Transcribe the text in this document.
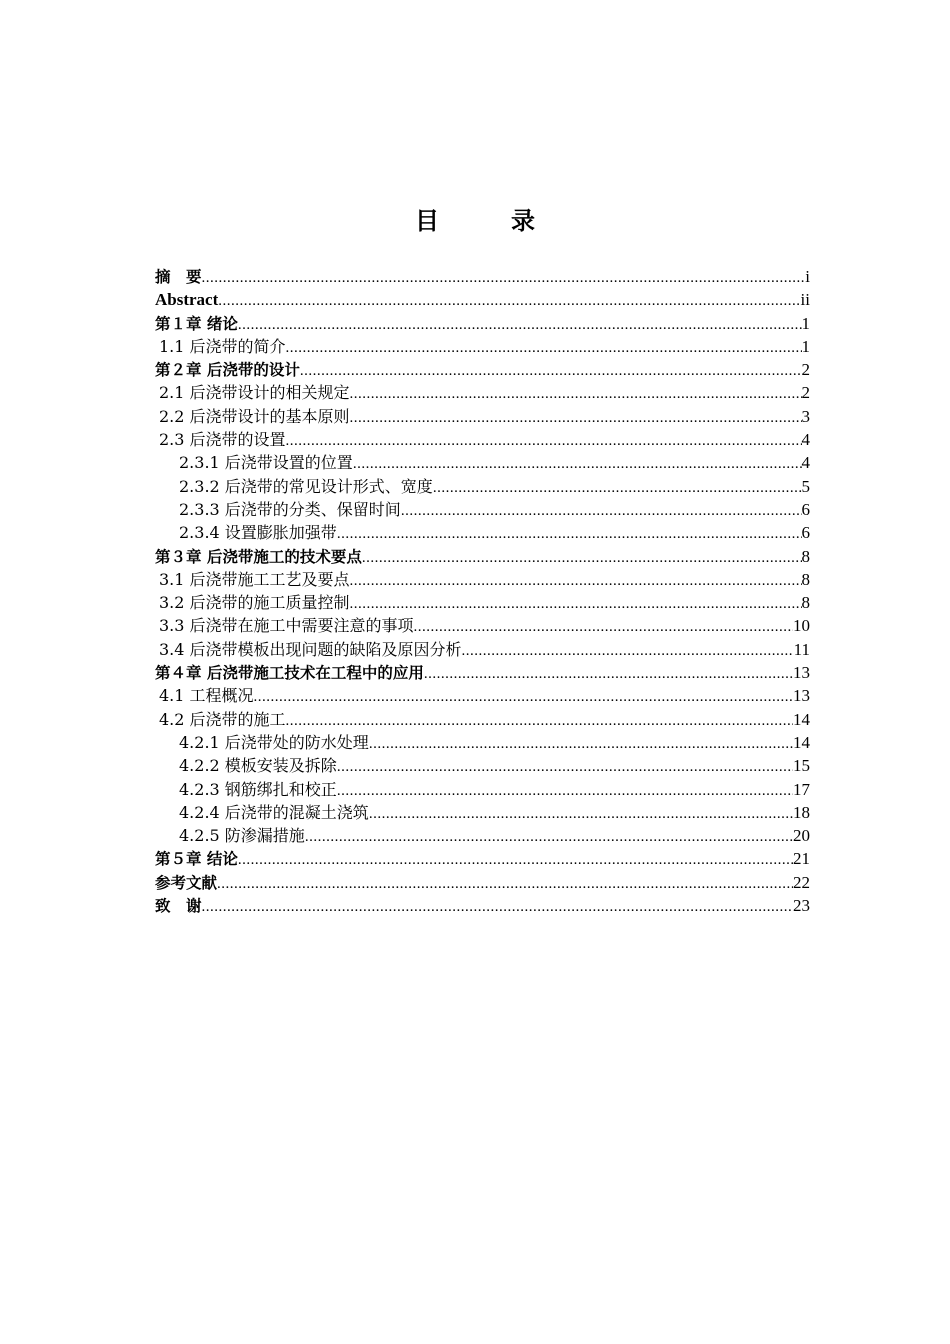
目　录
摘　要 .....	i
Abstract .....	ii
第１章 绪论 .....	1
1.1 后浇带的简介 .....	1
第２章 后浇带的设计 .....	2
2.1 后浇带设计的相关规定 .....	2
2.2 后浇带设计的基本原则 .....	3
2.3 后浇带的设置 .....	4
2.3.1 后浇带设置的位置 .....	4
2.3.2 后浇带的常见设计形式、宽度 .....	5
2.3.3 后浇带的分类、保留时间 .....	6
2.3.4 设置膨胀加强带 .....	6
第３章 后浇带施工的技术要点 .....	8
3.1 后浇带施工工艺及要点 .....	8
3.2 后浇带的施工质量控制 .....	8
3.3 后浇带在施工中需要注意的事项 .....	10
3.4 后浇带模板出现问题的缺陷及原因分析 .....	11
第４章 后浇带施工技术在工程中的应用 .....	13
4.1 工程概况 .....	13
4.2 后浇带的施工 .....	14
4.2.1 后浇带处的防水处理 .....	14
4.2.2 模板安装及拆除 .....	15
4.2.3 钢筋绑扎和校正 .....	17
4.2.4 后浇带的混凝土浇筑 .....	18
4.2.5 防渗漏措施 .....	20
第５章 结论 .....	21
参考文献 .....	22
致　谢 .....	23
